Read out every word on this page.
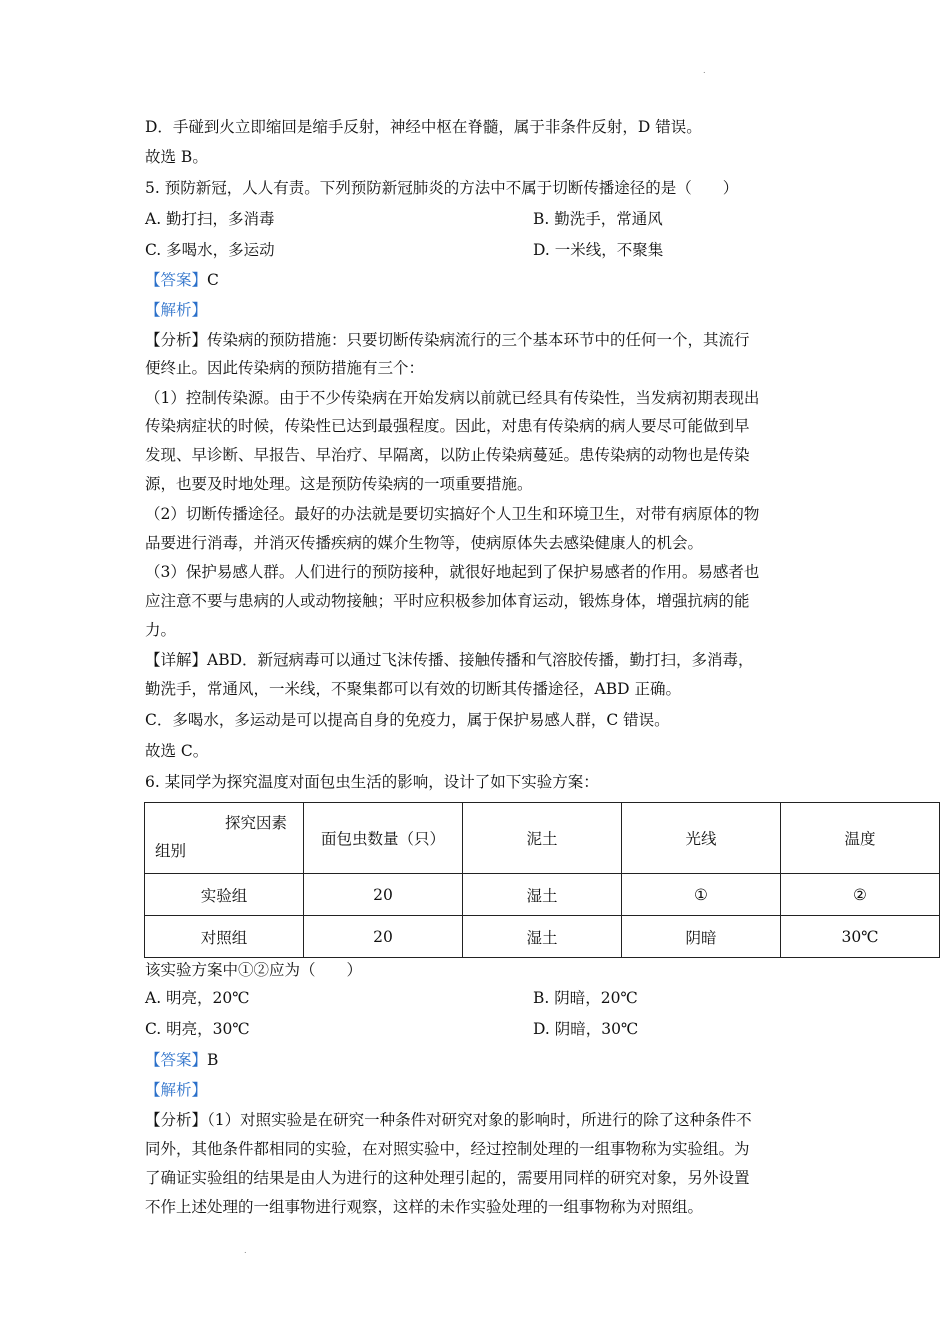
.
D．手碰到火立即缩回是缩手反射，神经中枢在脊髓，属于非条件反射，D 错误。
故选 B。
5. 预防新冠，人人有责。下列预防新冠肺炎的方法中不属于切断传播途径的是（　　）
A. 勤打扫，多消毒	B. 勤洗手，常通风
C. 多喝水，多运动	D. 一米线，不聚集
【答案】C
【解析】
【分析】传染病的预防措施：只要切断传染病流行的三个基本环节中的任何一个，其流行
便终止。因此传染病的预防措施有三个：
（1）控制传染源。由于不少传染病在开始发病以前就已经具有传染性，当发病初期表现出
传染病症状的时候，传染性已达到最强程度。因此，对患有传染病的病人要尽可能做到早
发现、早诊断、早报告、早治疗、早隔离，以防止传染病蔓延。患传染病的动物也是传染
源，也要及时地处理。这是预防传染病的一项重要措施。
（2）切断传播途径。最好的办法就是要切实搞好个人卫生和环境卫生，对带有病原体的物
品要进行消毒，并消灭传播疾病的媒介生物等，使病原体失去感染健康人的机会。
（3）保护易感人群。人们进行的预防接种，就很好地起到了保护易感者的作用。易感者也
应注意不要与患病的人或动物接触；平时应积极参加体育运动，锻炼身体，增强抗病的能
力。
【详解】ABD．新冠病毒可以通过飞沫传播、接触传播和气溶胶传播，勤打扫，多消毒，
勤洗手，常通风，一米线，不聚集都可以有效的切断其传播途径，ABD 正确。
C．多喝水，多运动是可以提高自身的免疫力，属于保护易感人群，C 错误。
故选 C。
6. 某同学为探究温度对面包虫生活的影响，设计了如下实验方案：
探究因素
组别	面包虫数量（只）	泥土	光线	温度
实验组	20	湿土	①	②
对照组	20	湿土	阴暗	30℃
该实验方案中①②应为（　　）
A. 明亮，20℃	B. 阴暗，20℃
C. 明亮，30℃	D. 阴暗，30℃
【答案】B
【解析】
【分析】（1）对照实验是在研究一种条件对研究对象的影响时，所进行的除了这种条件不
同外，其他条件都相同的实验，在对照实验中，经过控制处理的一组事物称为实验组。为
了确证实验组的结果是由人为进行的这种处理引起的，需要用同样的研究对象，另外设置
不作上述处理的一组事物进行观察，这样的未作实验处理的一组事物称为对照组。
.
